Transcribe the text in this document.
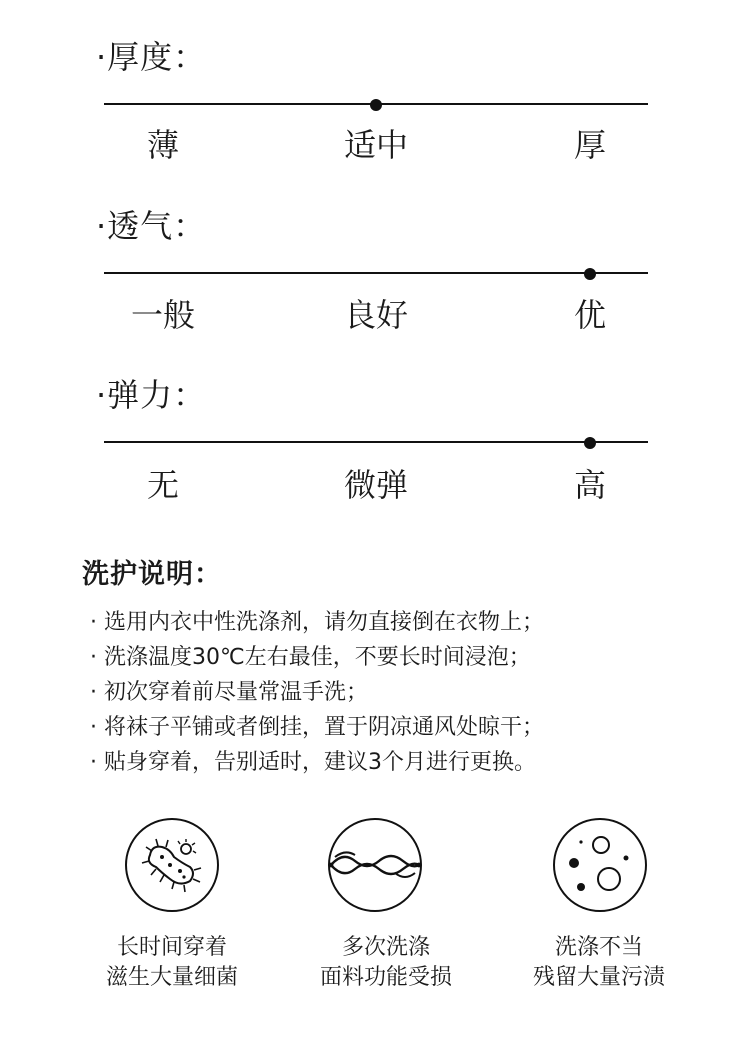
·厚度：
薄	适中	厚
·透气：
一般	良好	优
·弹力：
无	微弹	高
洗护说明：
· 选用内衣中性洗涤剂，请勿直接倒在衣物上；
· 洗涤温度30℃左右最佳，不要长时间浸泡；
· 初次穿着前尽量常温手洗；
· 将袜子平铺或者倒挂，置于阴凉通风处晾干；
· 贴身穿着，告别适时，建议3个月进行更换。
长时间穿着
滋生大量细菌
多次洗涤
面料功能受损
洗涤不当
残留大量污渍
